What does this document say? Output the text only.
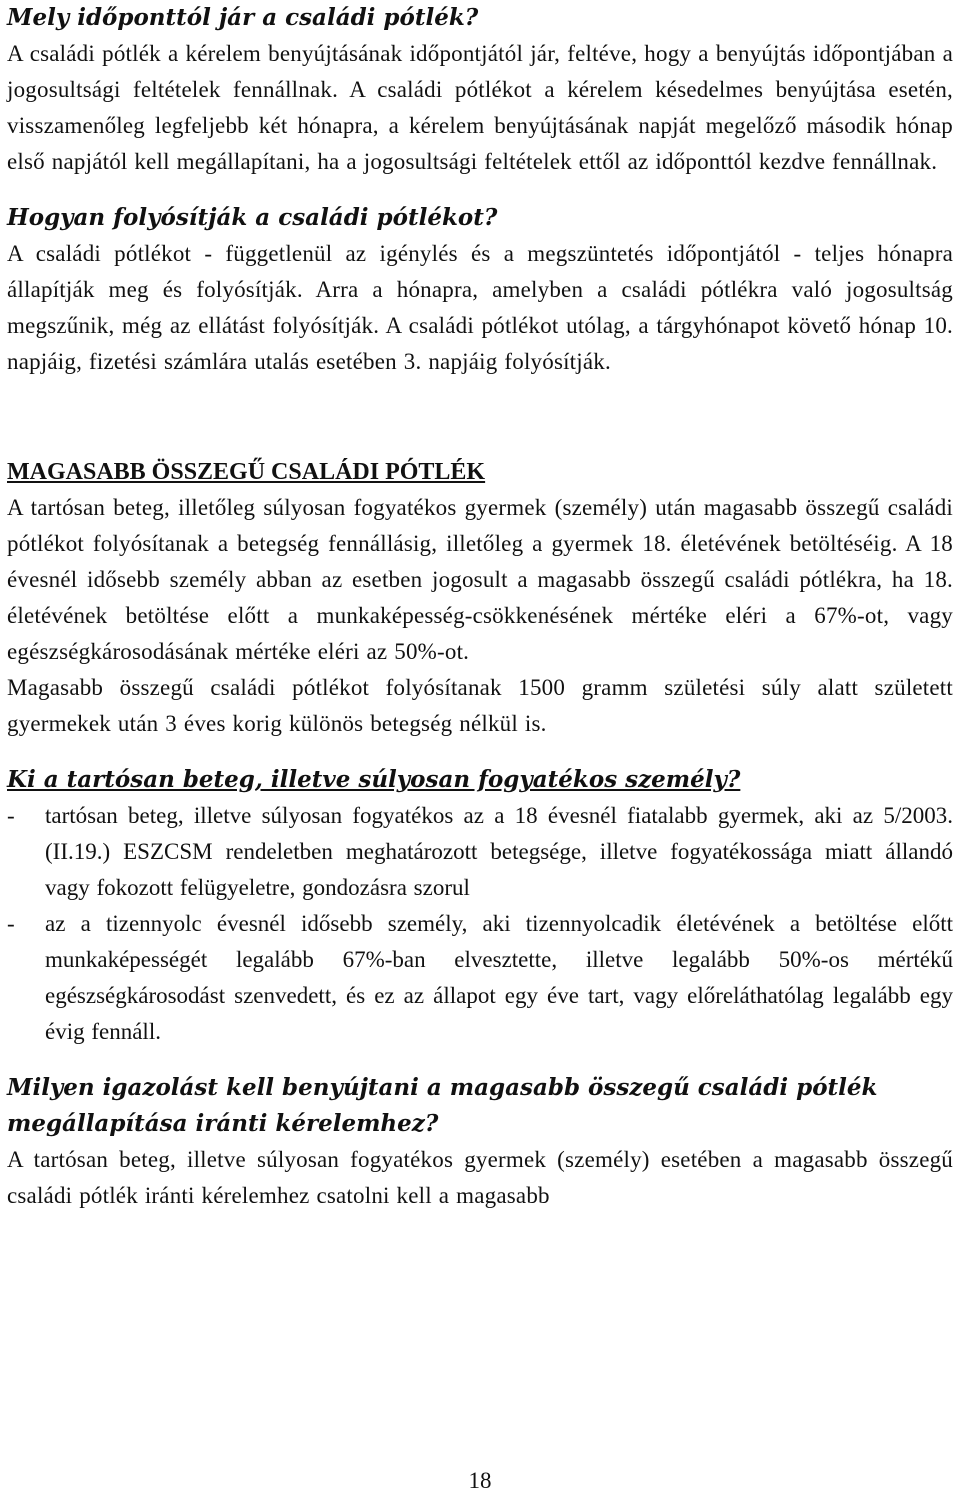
Mely időponttól jár a családi pótlék?

A családi pótlék a kérelem benyújtásának időpontjától jár, feltéve, hogy a benyújtás időpontjában a jogosultsági feltételek fennállnak. A családi pótlékot a kérelem késedelmes benyújtása esetén, visszamenőleg legfeljebb két hónapra, a kérelem benyújtásának napját megelőző második hónap első napjától kell megállapítani, ha a jogosultsági feltételek ettől az időponttól kezdve fennállnak.

Hogyan folyósítják a családi pótlékot?

A családi pótlékot - függetlenül az igénylés és a megszüntetés időpontjától - teljes hónapra állapítják meg és folyósítják. Arra a hónapra, amelyben a családi pótlékra való jogosultság megszűnik, még az ellátást folyósítják. A családi pótlékot utólag, a tárgyhónapot követő hónap 10. napjáig, fizetési számlára utalás esetében 3. napjáig folyósítják.

MAGASABB ÖSSZEGŰ CSALÁDI PÓTLÉK

A tartósan beteg, illetőleg súlyosan fogyatékos gyermek (személy) után magasabb összegű családi pótlékot folyósítanak a betegség fennállásig, illetőleg a gyermek 18. életévének betöltéséig. A 18 évesnél idősebb személy abban az esetben jogosult a magasabb összegű családi pótlékra, ha 18. életévének betöltése előtt a munkaképesség-csökkenésének mértéke eléri a 67%-ot, vagy egészségkárosodásának mértéke eléri az 50%-ot.

Magasabb összegű családi pótlékot folyósítanak 1500 gramm születési súly alatt született gyermekek után 3 éves korig különös betegség nélkül is.

Ki a tartósan beteg, illetve súlyosan fogyatékos személy?

-	tartósan beteg, illetve súlyosan fogyatékos az a 18 évesnél fiatalabb gyermek, aki az 5/2003. (II.19.) ESZCSM rendeletben meghatározott betegsége, illetve fogyatékossága miatt állandó vagy fokozott felügyeletre, gondozásra szorul
-	az a tizennyolc évesnél idősebb személy, aki tizennyolcadik életévének a betöltése előtt munkaképességét legalább 67%-ban elvesztette, illetve legalább 50%-os mértékű egészségkárosodást szenvedett, és ez az állapot egy éve tart, vagy előreláthatólag legalább egy évig fennáll.

Milyen igazolást kell benyújtani a magasabb összegű családi pótlék megállapítása iránti kérelemhez?

A tartósan beteg, illetve súlyosan fogyatékos gyermek (személy) esetében a magasabb összegű családi pótlék iránti kérelemhez csatolni kell a magasabb

18
